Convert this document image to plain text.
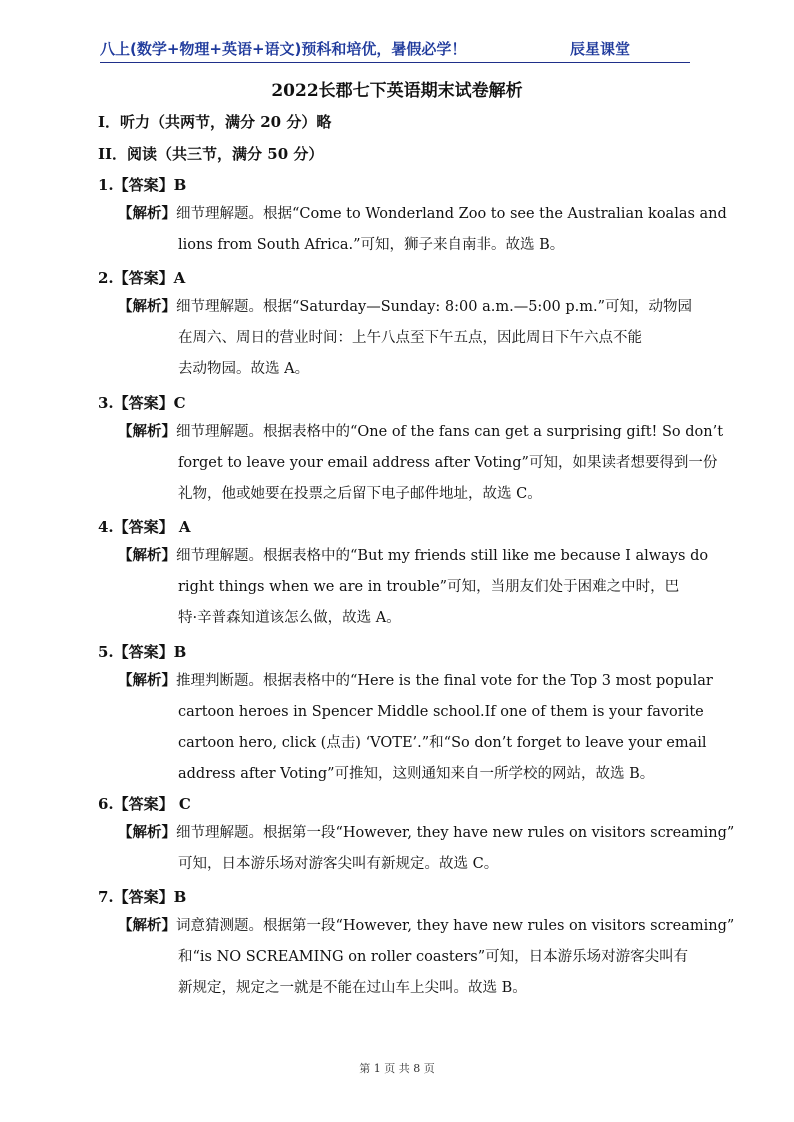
八上(数学+物理+英语+语文)预科和培优，暑假必学！	辰星课堂
2022长郡七下英语期末试卷解析
I．听力（共两节，满分 20 分）略
II．阅读（共三节，满分 50 分）
1.【答案】B
【解析】细节理解题。根据“Come to Wonderland Zoo to see the Australian koalas and
lions from South Africa.”可知，狮子来自南非。故选 B。
2.【答案】A
【解析】细节理解题。根据“Saturday—Sunday: 8:00 a.m.—5:00 p.m.”可知，动物园
在周六、周日的营业时间：上午八点至下午五点，因此周日下午六点不能
去动物园。故选 A。
3.【答案】C
【解析】细节理解题。根据表格中的“One of the fans can get a surprising gift! So don’t
forget to leave your email address after Voting”可知，如果读者想要得到一份
礼物，他或她要在投票之后留下电子邮件地址，故选 C。
4.【答案】 A
【解析】细节理解题。根据表格中的“But my friends still like me because I always do
right things when we are in trouble”可知，当朋友们处于困难之中时，巴
特·辛普森知道该怎么做，故选 A。
5.【答案】B
【解析】推理判断题。根据表格中的“Here is the final vote for the Top 3 most popular
cartoon heroes in Spencer Middle school.If one of them is your favorite
cartoon hero, click (点击) ‘VOTE’.”和“So don’t forget to leave your email
address after Voting”可推知，这则通知来自一所学校的网站，故选 B。
6.【答案】 C
【解析】细节理解题。根据第一段“However, they have new rules on visitors screaming”
可知，日本游乐场对游客尖叫有新规定。故选 C。
7.【答案】B
【解析】词意猜测题。根据第一段“However, they have new rules on visitors screaming”
和“is NO SCREAMING on roller coasters”可知，日本游乐场对游客尖叫有
新规定，规定之一就是不能在过山车上尖叫。故选 B。
第 1 页 共 8 页
